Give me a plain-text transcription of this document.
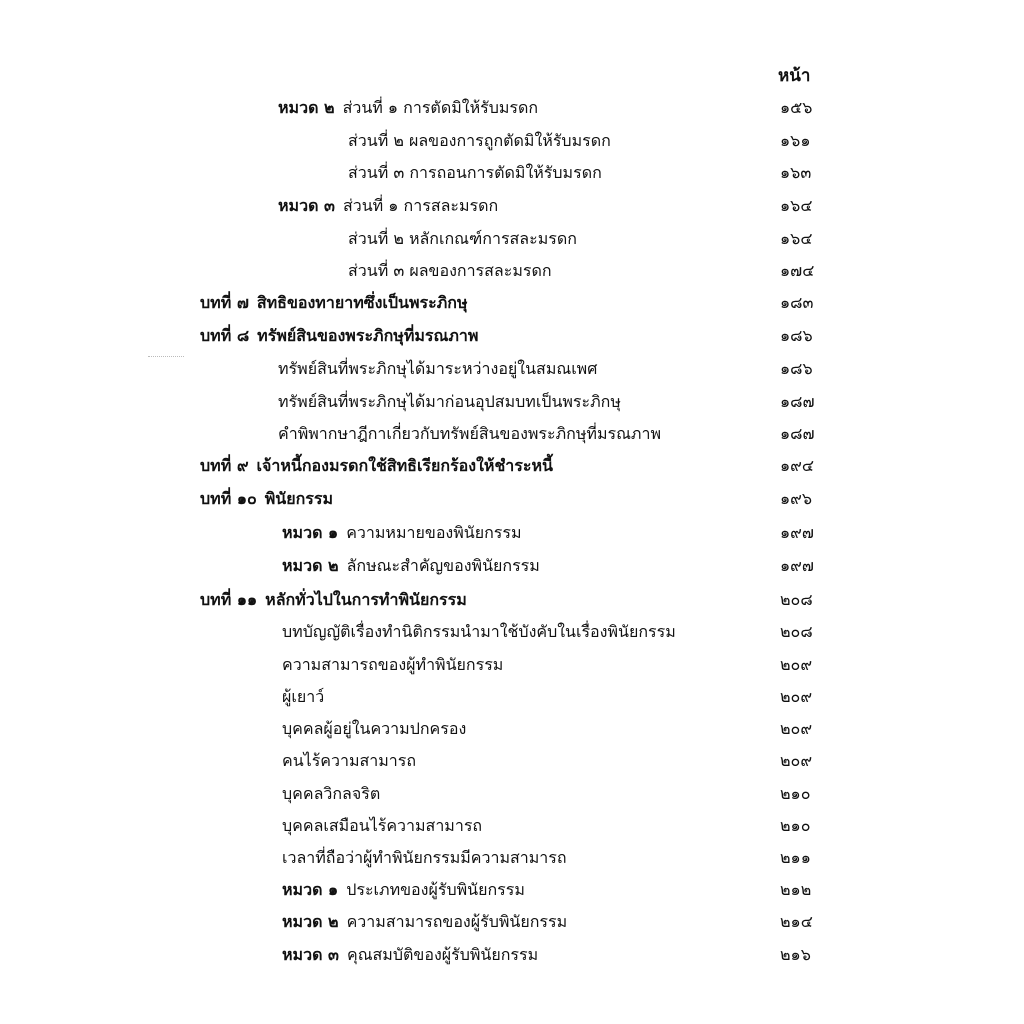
หน้า
หมวด ๒ ส่วนที่ ๑ การตัดมิให้รับมรดก	๑๕๖
ส่วนที่ ๒ ผลของการถูกตัดมิให้รับมรดก	๑๖๑
ส่วนที่ ๓ การถอนการตัดมิให้รับมรดก	๑๖๓
หมวด ๓ ส่วนที่ ๑ การสละมรดก	๑๖๔
ส่วนที่ ๒ หลักเกณฑ์การสละมรดก	๑๖๔
ส่วนที่ ๓ ผลของการสละมรดก	๑๗๔
บทที่ ๗ สิทธิของทายาทซึ่งเป็นพระภิกษุ	๑๘๓
บทที่ ๘ ทรัพย์สินของพระภิกษุที่มรณภาพ	๑๘๖
ทรัพย์สินที่พระภิกษุได้มาระหว่างอยู่ในสมณเพศ	๑๘๖
ทรัพย์สินที่พระภิกษุได้มาก่อนอุปสมบทเป็นพระภิกษุ	๑๘๗
คำพิพากษาฎีกาเกี่ยวกับทรัพย์สินของพระภิกษุที่มรณภาพ	๑๘๗
บทที่ ๙ เจ้าหนี้กองมรดกใช้สิทธิเรียกร้องให้ชำระหนี้	๑๙๔
บทที่ ๑๐ พินัยกรรม	๑๙๖
หมวด ๑ ความหมายของพินัยกรรม	๑๙๗
หมวด ๒ ลักษณะสำคัญของพินัยกรรม	๑๙๗
บทที่ ๑๑ หลักทั่วไปในการทำพินัยกรรม	๒๐๘
บทบัญญัติเรื่องทำนิติกรรมนำมาใช้บังคับในเรื่องพินัยกรรม	๒๐๘
ความสามารถของผู้ทำพินัยกรรม	๒๐๙
ผู้เยาว์	๒๐๙
บุคคลผู้อยู่ในความปกครอง	๒๐๙
คนไร้ความสามารถ	๒๐๙
บุคคลวิกลจริต	๒๑๐
บุคคลเสมือนไร้ความสามารถ	๒๑๐
เวลาที่ถือว่าผู้ทำพินัยกรรมมีความสามารถ	๒๑๑
หมวด ๑ ประเภทของผู้รับพินัยกรรม	๒๑๒
หมวด ๒ ความสามารถของผู้รับพินัยกรรม	๒๑๔
หมวด ๓ คุณสมบัติของผู้รับพินัยกรรม	๒๑๖
